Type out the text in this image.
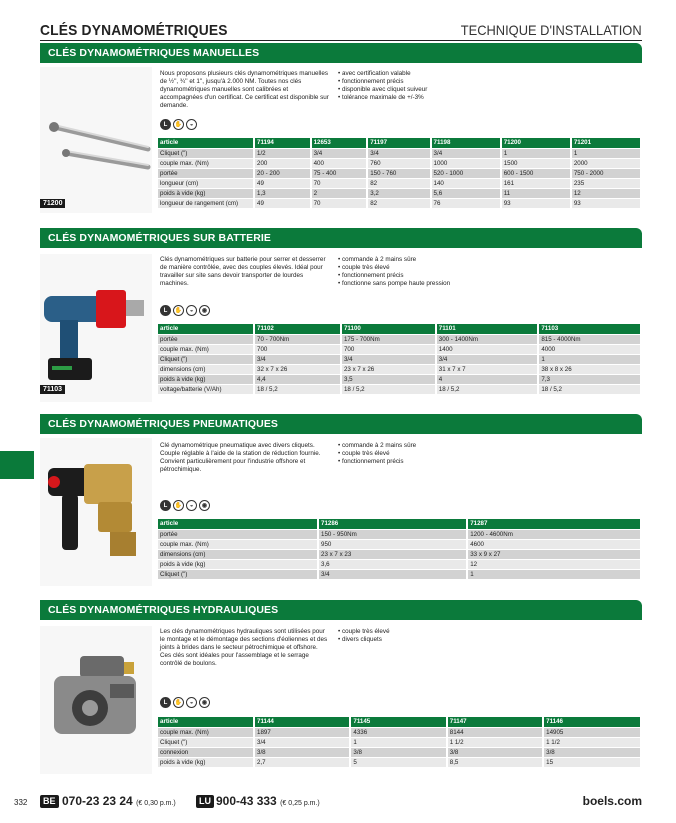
CLÉS DYNAMOMÉTRIQUES	TECHNIQUE D'INSTALLATION
CLÉS DYNAMOMÉTRIQUES MANUELLES
71200
Nous proposons plusieurs clés dynamométriques manuelles de ½'', ¾'' et 1'', jusqu'à 2.000 NM. Toutes nos clés dynamométriques manuelles sont calibrées et accompagnées d'un certificat. Ce certificat est disponible sur demande.
• avec certification valable
• fonctionnement précis
• disponible avec cliquet suiveur
• tolérance maximale de +/-3%
L	✋	◒
article	71194	12653	71197	71198	71200	71201
Cliquet (")	1/2	3/4	3/4	3/4	1	1
couple max. (Nm)	200	400	760	1000	1500	2000
portée	20 - 200	75 - 400	150 - 760	520 - 1000	600 - 1500	750 - 2000
longueur (cm)	49	70	82	140	161	235
poids à vide (kg)	1,3	2	3,2	5,6	11	12
longueur de rangement (cm)	49	70	82	76	93	93
CLÉS DYNAMOMÉTRIQUES SUR BATTERIE
71103
Clés dynamométriques sur batterie pour serrer et desserrer de manière contrôlée, avec des couples élevés. Idéal pour travailler sur site sans devoir transporter de lourdes machines.
• commande à 2 mains sûre
• couple très élevé
• fonctionnement précis
• fonctionne sans pompe haute pression
L	✋	◒	◉
article	71102	71100	71101	71103
portée	70 - 700Nm	175 - 700Nm	300 - 1400Nm	815 - 4000Nm
couple max. (Nm)	700	700	1400	4000
Cliquet (")	3/4	3/4	3/4	1
dimensions (cm)	32 x 7 x 26	23 x 7 x 26	31 x 7 x 7	38 x 8 x 26
poids à vide (kg)	4,4	3,5	4	7,3
voltage/batterie (V/Ah)	18 / 5,2	18 / 5,2	18 / 5,2	18 / 5,2
CLÉS DYNAMOMÉTRIQUES PNEUMATIQUES
Clé dynamométrique pneumatique avec divers cliquets. Couple réglable à l'aide de la station de réduction fournie. Convient particulièrement pour l'industrie offshore et pétrochimique.
• commande à 2 mains sûre
• couple très élevé
• fonctionnement précis
L	✋	◒	◉
article	71286	71287
portée	150 - 950Nm	1200 - 4600Nm
couple max. (Nm)	950	4600
dimensions (cm)	23 x 7 x 23	33 x 9 x 27
poids à vide (kg)	3,6	12
Cliquet (")	3/4	1
CLÉS DYNAMOMÉTRIQUES HYDRAULIQUES
Les clés dynamométriques hydrauliques sont utilisées pour le montage et le démontage des sections d'éoliennes et des joints à brides dans le secteur pétrochimique et offshore. Ces clés sont idéales pour l'assemblage et le serrage contrôlé de boulons.
• couple très élevé
• divers cliquets
L	✋	◒	◉
article	71144	71145	71147	71146
couple max. (Nm)	1897	4336	8144	14905
Cliquet (")	3/4	1	1 1/2	1 1/2
connexion	3/8	3/8	3/8	3/8
poids à vide (kg)	2,7	5	8,5	15
332	BE 070-23 23 24 (€ 0,30 p.m.)	LU 900-43 333 (€ 0,25 p.m.)	boels.com
